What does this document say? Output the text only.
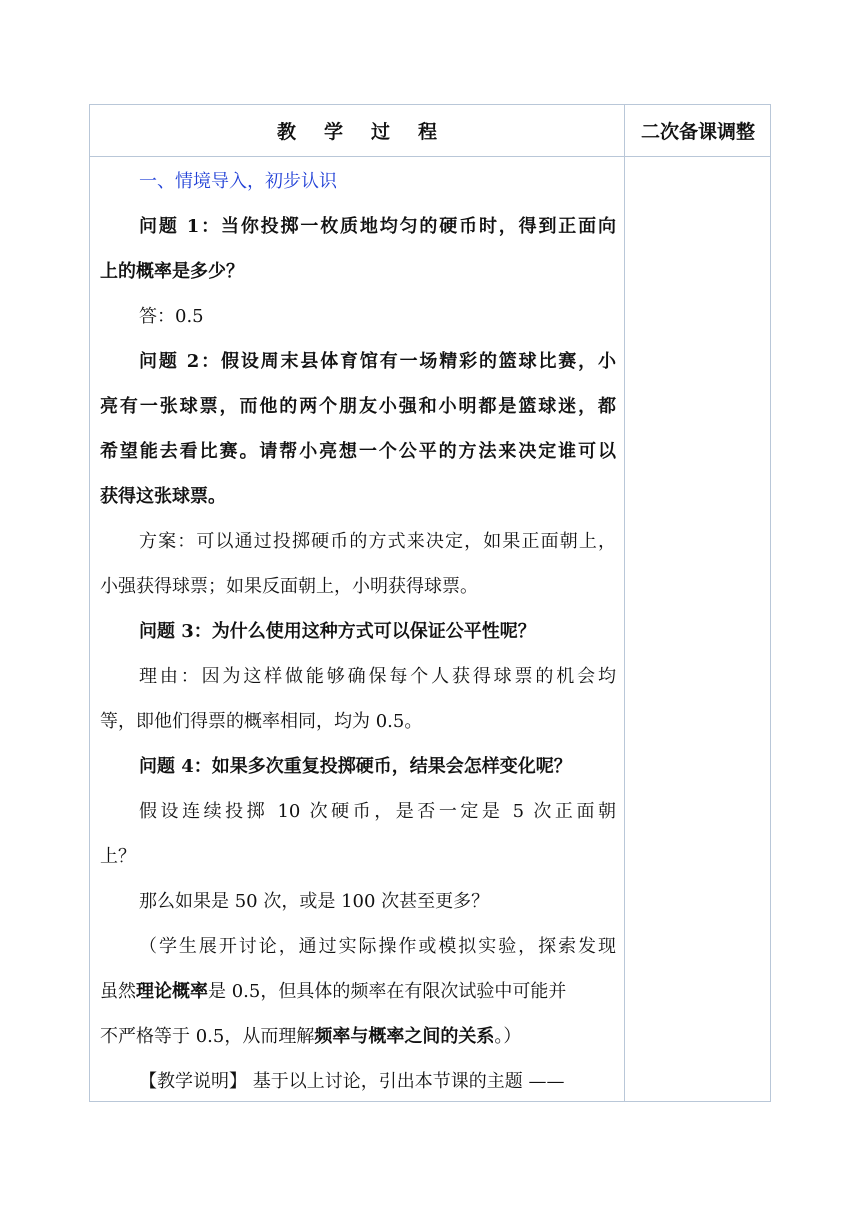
教学过程	二次备课调整
一、情境导入，初步认识
问题 1：当你投掷一枚质地均匀的硬币时，得到正面向
上的概率是多少？
答：0.5
问题 2：假设周末县体育馆有一场精彩的篮球比赛，小
亮有一张球票，而他的两个朋友小强和小明都是篮球迷，都
希望能去看比赛。请帮小亮想一个公平的方法来决定谁可以
获得这张球票。
方案：可以通过投掷硬币的方式来决定，如果正面朝上，
小强获得球票；如果反面朝上，小明获得球票。
问题 3：为什么使用这种方式可以保证公平性呢？
理由：因为这样做能够确保每个人获得球票的机会均
等，即他们得票的概率相同，均为 0.5。
问题 4：如果多次重复投掷硬币，结果会怎样变化呢？
假设连续投掷 10 次硬币，是否一定是 5 次正面朝
上？
那么如果是 50 次，或是 100 次甚至更多？
（学生展开讨论，通过实际操作或模拟实验，探索发现
虽然理论概率是 0.5，但具体的频率在有限次试验中可能并
不严格等于 0.5，从而理解频率与概率之间的关系。）
【教学说明】 基于以上讨论，引出本节课的主题 ——
